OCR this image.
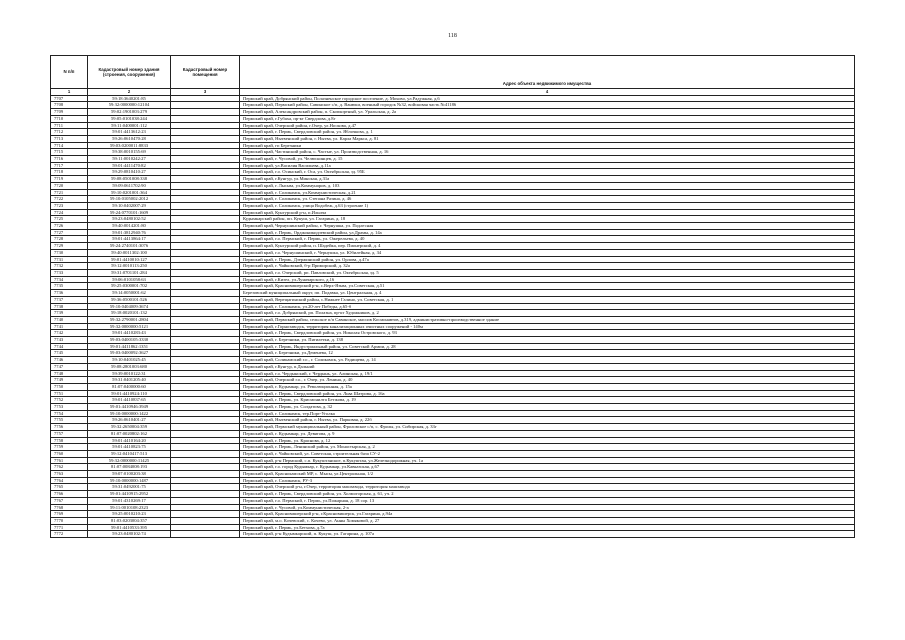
118
N п/п	Кадастровый номер здания (строения, сооружения)	Кадастровый номер помещения	Адрес объекта недвижимого имущества
1	2	3	4
7707	59:18:3640201:85		Пермский край, Добрянский район, Полазненское городское поселение, д. Мохово, ул.Радужная, д.6
7708	59:32:0000000:12104		Пермский край, Пермский район, Савинское с/п, д. Ванюки, военный городок №32, войсковая часть №41186
7709	59:02:1901003:279		Пермский край, Александровский район, п. Скопкортный, ул. Уральская, д. 2а
7710	59:05:0101038:244		Пермский край, г.Губаха, пр-кт Свердлова, д.8г
7711	59:11:0400001:112		Пермский край, Очерский район, г.Очер, ул.Носкова, д.47
7712	59:01:4413612:23		Пермский край, г. Пермь, Свердловский район, ул. Яблочкова, д. 1
7713	59:26:0610470:28		Пермский край, Нытвенский район, г. Нытва, ул. Карла Маркса, д. 81
7714	59:03:0200011:8833		Пермский край, гп Березники
7715	59:38:0010155:69		Пермский край, Частинский район, с. Частые, ул. Производственная, д. 16
7716	59:11:0010242:27		Пермский край, г. Чусовой, ул. Челюскинцев, д. 15
7717	59:01:4411470:82		Пермский край, ул.Василия Васильева, д.11а
7718	59:29:0810410:27		Пермский край, г.о. Осинский, г. Оса, ул. Октябрьская, зд. 95Б
7719	59:08:0501008:338		Пермский край, г.Кунгур, ул.Минская, д.31а
7720	59:09:0611702:90		Пермский край, г. Лысьва, ул.Коммунаров, д. 103
7721	59:10:0201001:364		Пермский край, г. Соликамск, ул.Коммунистическая, д.21
7722	59:10:0105002:2012		Пермский край, г. Соликамск, ул. Степана Разина, д. 46
7723	59:10:0402007:29		Пермский край, г. Соликамск, улица Водобеж, д.63 (строение 1)
7724	59:24:0770101:1609		Пермский край, Кунгурский р-н, п.Ильича
7725	59:23:0480102:52		Кудымкарский район, пп. Кукуш, ул. Гагарина, д. 18
7726	59:40:0014201:80		Пермский край, Чернушинский район, г. Чернушка, ул. Подлесная
7727	59:01:3812940:76		Пермский край, г. Пермь, Орджоникидзевский район, ул.Драмы, д. 14а
7728	59:01:4413864:17		Пермский край, г.о. Пермский, г. Пермь, ул. Ожерельева, д. 40
7729	59:24:2740101:3076		Пермский край, Кунгурский район, п. Шадейка, пер. Пионерский, д. 4
7730	59:40:0011302:100		Пермский край, г.о. Чернушинский, г. Чернушка, ул. Юбилейная, д. 34
7731	59:01:4410010:127		Пермский край, г. Пермь, Дзержинский район, ул. Орлова, д.47а
7732	59:12:0010113:250		Пермский край, г. Чайковский, б-р Приморский, д. 32а
7733	59:31:0701101:284		Пермский край, г.о. Очерский, рп. Павловский, ул. Октябрьская, зд. 5
7734	59:06:0101058:63		Пермский край, г.Кизел, ул.Луначарского, д.16
7735	59:25:0300001:702		Пермский край, Красновишерский р-н, с.Верх-Язьва, ул.Советская, д.51
7736	59:14:0050001:62		Березовский муниципальный округ, пп. Подавка, ул. Центральная, д. 4
7737	59:36:0500101:526		Пермский край, Верещагинский район, с.Нижнее Галино, ул. Советская, д. 1
7738	59:10:0404009:3674		Пермский край, г. Соликамск, ул.20-лет Победы, д.65-б
7739	59:18:0020101:132		Пермский край, г.о. Добрянский, рп. Полазна, пр-кт Художников, д. 2
7740	59:32:2790001:2804		Пермский край, Пермский район, сельское п/п Савинское, массив Космонавтов, д.319, административно-производственное здание
7741	59:32:0000000:5121		Пермский край, г.Горнозаводск, территория канализационных очистных сооружений - 140м
7742	59:01:4410283:43		Пермский край, г. Пермь, Свердловский район, ул. Николая Островского, д. 93
7743	59:03:0400105:3330		Пермский край, г. Березники, ул. Пятилетки, д. 138
7744	59:01:4411862:1351		Пермский край, г. Пермь, Индустриальный район, ул. Советской Армии, д. 28
7745	59:03:0400092:3627		Пермский край, г. Березники, ул.Деменева, 12
7746	59:10:0401025:45		Пермский край, Соликамский г.о., г. Соликамск, ул. Радищева, д. 14
7747	59:08:2801003:680		Пермский край, г.Кунгур, п.Дальний
7748	59:39:0010122:31		Пермский край, г.о. Чердынский, г. Чердынь, ул. Алинская, д. 19/1
7749	59:31:0401205:40		Пермский край, Очерский г.о., г. Очер, ул. Ленина, д. 40
7750	81:07:0400000:60		Пермский край, г. Кудымкар, ул. Революционная, д. 15а
7751	59:01:4410924:110		Пермский край, г. Пермь, Свердловский район, ул. Льва Шатрова, д. 16а
7752	59:01:4410837:65		Пермский край, г. Пермь, ул. Крисмонилта Бетжова, д. 19
7753	59:01:4410946:3949		Пермский край, г. Пермь, ул. Солдатова, д. 32
7754	59:10:0000000:1422		Пермский край, г. Соликамск, тер.Порт-Уголка
7755	59:26:0610401:27		Пермский край, Нытвенский район, г. Нытва, ул. Парковая, д. 22б
7756	59:32:2650004:359		Пермский край, Пермский муниципальный район, Фроловское с/п, с. Фролы, ул. Сибирская, д. 33г
7757	81:07:0020802:162		Пермский край, г. Кудымкар, ул. Девятова, д. 9
7758	59:01:4410164:20		Пермский край, г. Пермь, ул. Краснова, д. 12
7759	59:01:4410823:75		Пермский край, г. Пермь, Ленинский район, ул. Монастырская, д. 2
7760	59:12:0410417:513		Пермский край, г. Чайковский, ул. Советская, строительная база СУ-2
7761	59:32:0000000:11425		Пермский край, р-н Пермский, с.п. Кукуштанское, п.Кукуштан, ул.Железнодорожная, уч. 1а
7762	81:07:0084008:193		Пермский край, г.о. город Кудымкар, г. Кудымкар, ул.Кавказская, д.67
7763	59:07:0100203:38		Пермский край, Краснокамский МР, с. Мысы, ул.Центральная, 1/2
7764	59:10:0000000:1487		Пермский край, г. Соликамск, РУ-3
7765	59:31:0492001:75		Пермский край, Очерский р-н, г.Очер, территория машзавода, территория машзавода
7766	59:01:4410915:2952		Пермский край, г. Пермь, Свердловский район, ул. Холмогорская, д. 61, уч. 2
7767	59:01:4310269:17		Пермский край, г.о. Пермский, г. Пермь, ул.Пожарная, д. 18 сор. 13
7768	59:11:0010108:2323		Пермский край, г. Чусовой, ул.Коммунистическая, 2-а
7769	59:25:0010210:23		Пермский край, Красновишерский р-н, г.Красновишерск, ул.Гагарина, д.94а
7770	81:03:0203004:357		Пермский край, м.о. Кочевский, с. Кочево, ул. Анны Хомяковой, д. 27
7771	59:01:4410533:395		Пермский край, г. Пермь, ул.Бетхова, д.7а
7772	59:23:0480102:74		Пермский край, р-н Кудымкарский, п. Кукуш, ул. Гагарина, д. 107а
